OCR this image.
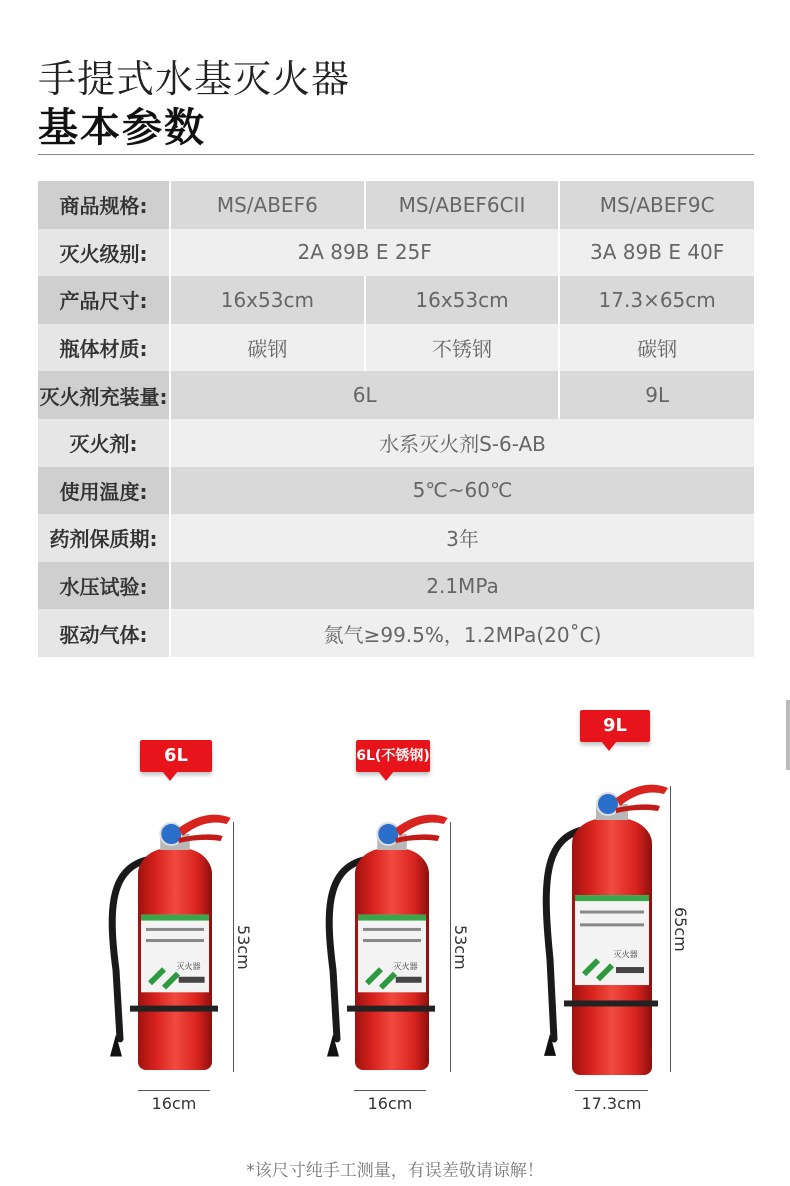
手提式水基灭火器
基本参数
商品规格:	MS/ABEF6	MS/ABEF6CII	MS/ABEF9C
灭火级别:	2A 89B E 25F		3A 89B E 40F
产品尺寸:	16x53cm	16x53cm	17.3×65cm
瓶体材质:	碳钢	不锈钢	碳钢
灭火剂充装量:	6L		9L
灭火剂:	水系灭火剂S-6-AB		
使用温度:	5℃~60℃		
药剂保质期:	3年		
水压试验:	2.1MPa		
驱动气体:	氮气≥99.5%，1.2MPa(20˚C)		
灭火器
6L
53cm
16cm
灭火器
6L(不锈钢)
53cm
16cm
灭火器
9L
65cm
17.3cm
*该尺寸纯手工测量，有误差敬请谅解！
